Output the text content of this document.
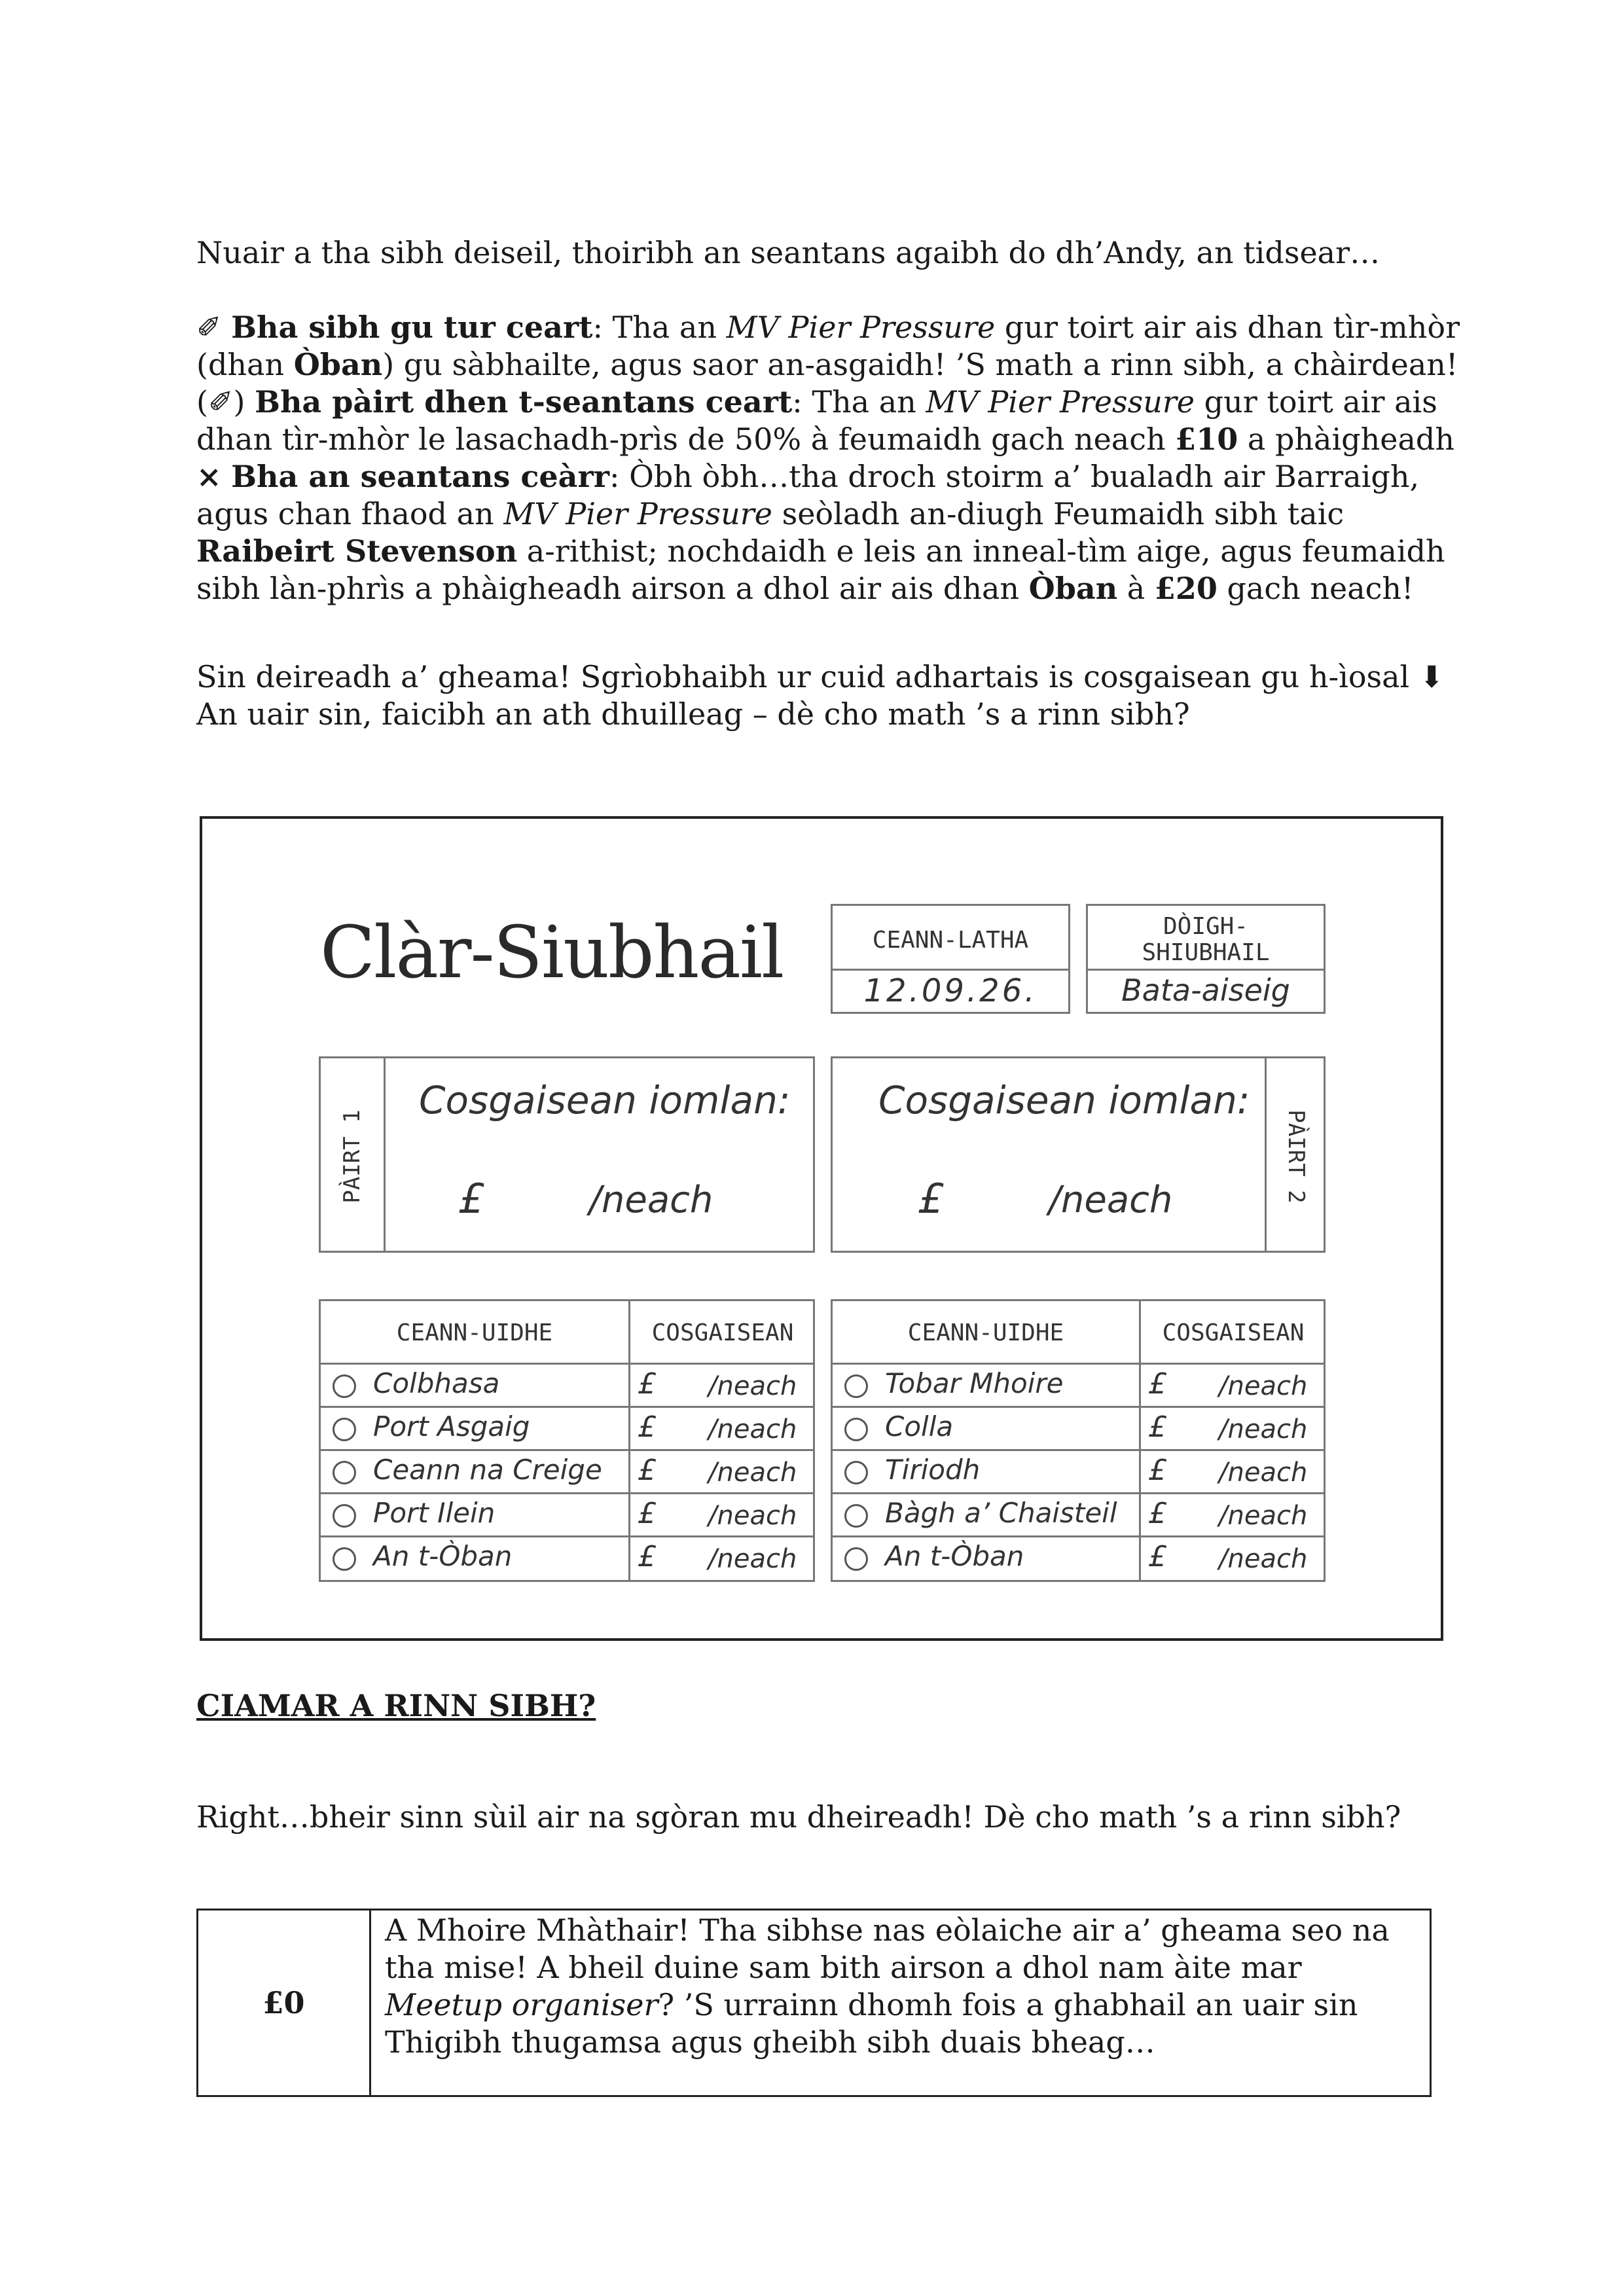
Nuair a tha sibh deiseil, thoiribh an seantans agaibh do dh’Andy, an tidsear…
✐ Bha sibh gu tur ceart: Tha an MV Pier Pressure gur toirt air ais dhan tìr-mhòr (dhan Òban) gu sàbhailte, agus saor an-asgaidh! ’S math a rinn sibh, a chàirdean!
(✐) Bha pàirt dhen t-seantans ceart: Tha an MV Pier Pressure gur toirt air ais dhan tìr-mhòr le lasachadh-prìs de 50% à feumaidh gach neach £10 a phàigheadh
× Bha an seantans ceàrr: Òbh òbh…tha droch stoirm a’ bualadh air Barraigh, agus chan fhaod an MV Pier Pressure seòladh an-diugh Feumaidh sibh taic Raibeirt Stevenson a-rithist; nochdaidh e leis an inneal-tìm aige, agus feumaidh sibh làn-phrìs a phàigheadh airson a dhol air ais dhan Òban à £20 gach neach!
Sin deireadh a’ gheama! Sgrìobhaibh ur cuid adhartais is cosgaisean gu h-ìosal ⬇ An uair sin, faicibh an ath dhuilleag – dè cho math ’s a rinn sibh?
Clàr-Siubhail	CEANN-LATHA
12.09.26.
DÒIGH-
SHIUBHAIL
Bata-aiseig
PÀIRT 1
Cosgaisean iomlan:
£	/neach	PÀIRT 2
Cosgaisean iomlan:
£	/neach
CEANN-UIDHE	COSGAISEAN
Colbhasa	£ /neach
Port Asgaig	£ /neach
Ceann na Creige £ /neach
Port Ilein	£ /neach
An t-Òban	£ /neach
CEANN-UIDHE	COSGAISEAN
Tobar Mhoire	£ /neach
Colla	£ /neach
Tiriodh	£ /neach
Bàgh a’ Chaisteil £ /neach
An t-Òban	£ /neach
CIAMAR A RINN SIBH?
Right…bheir sinn sùil air na sgòran mu dheireadh! Dè cho math ’s a rinn sibh?
£0
A Mhoire Mhàthair! Tha sibhse nas eòlaiche air a’ gheama seo na tha mise! A bheil duine sam bith airson a dhol nam àite mar Meetup organiser? ’S urrainn dhomh fois a ghabhail an uair sin Thigibh thugamsa agus gheibh sibh duais bheag…
